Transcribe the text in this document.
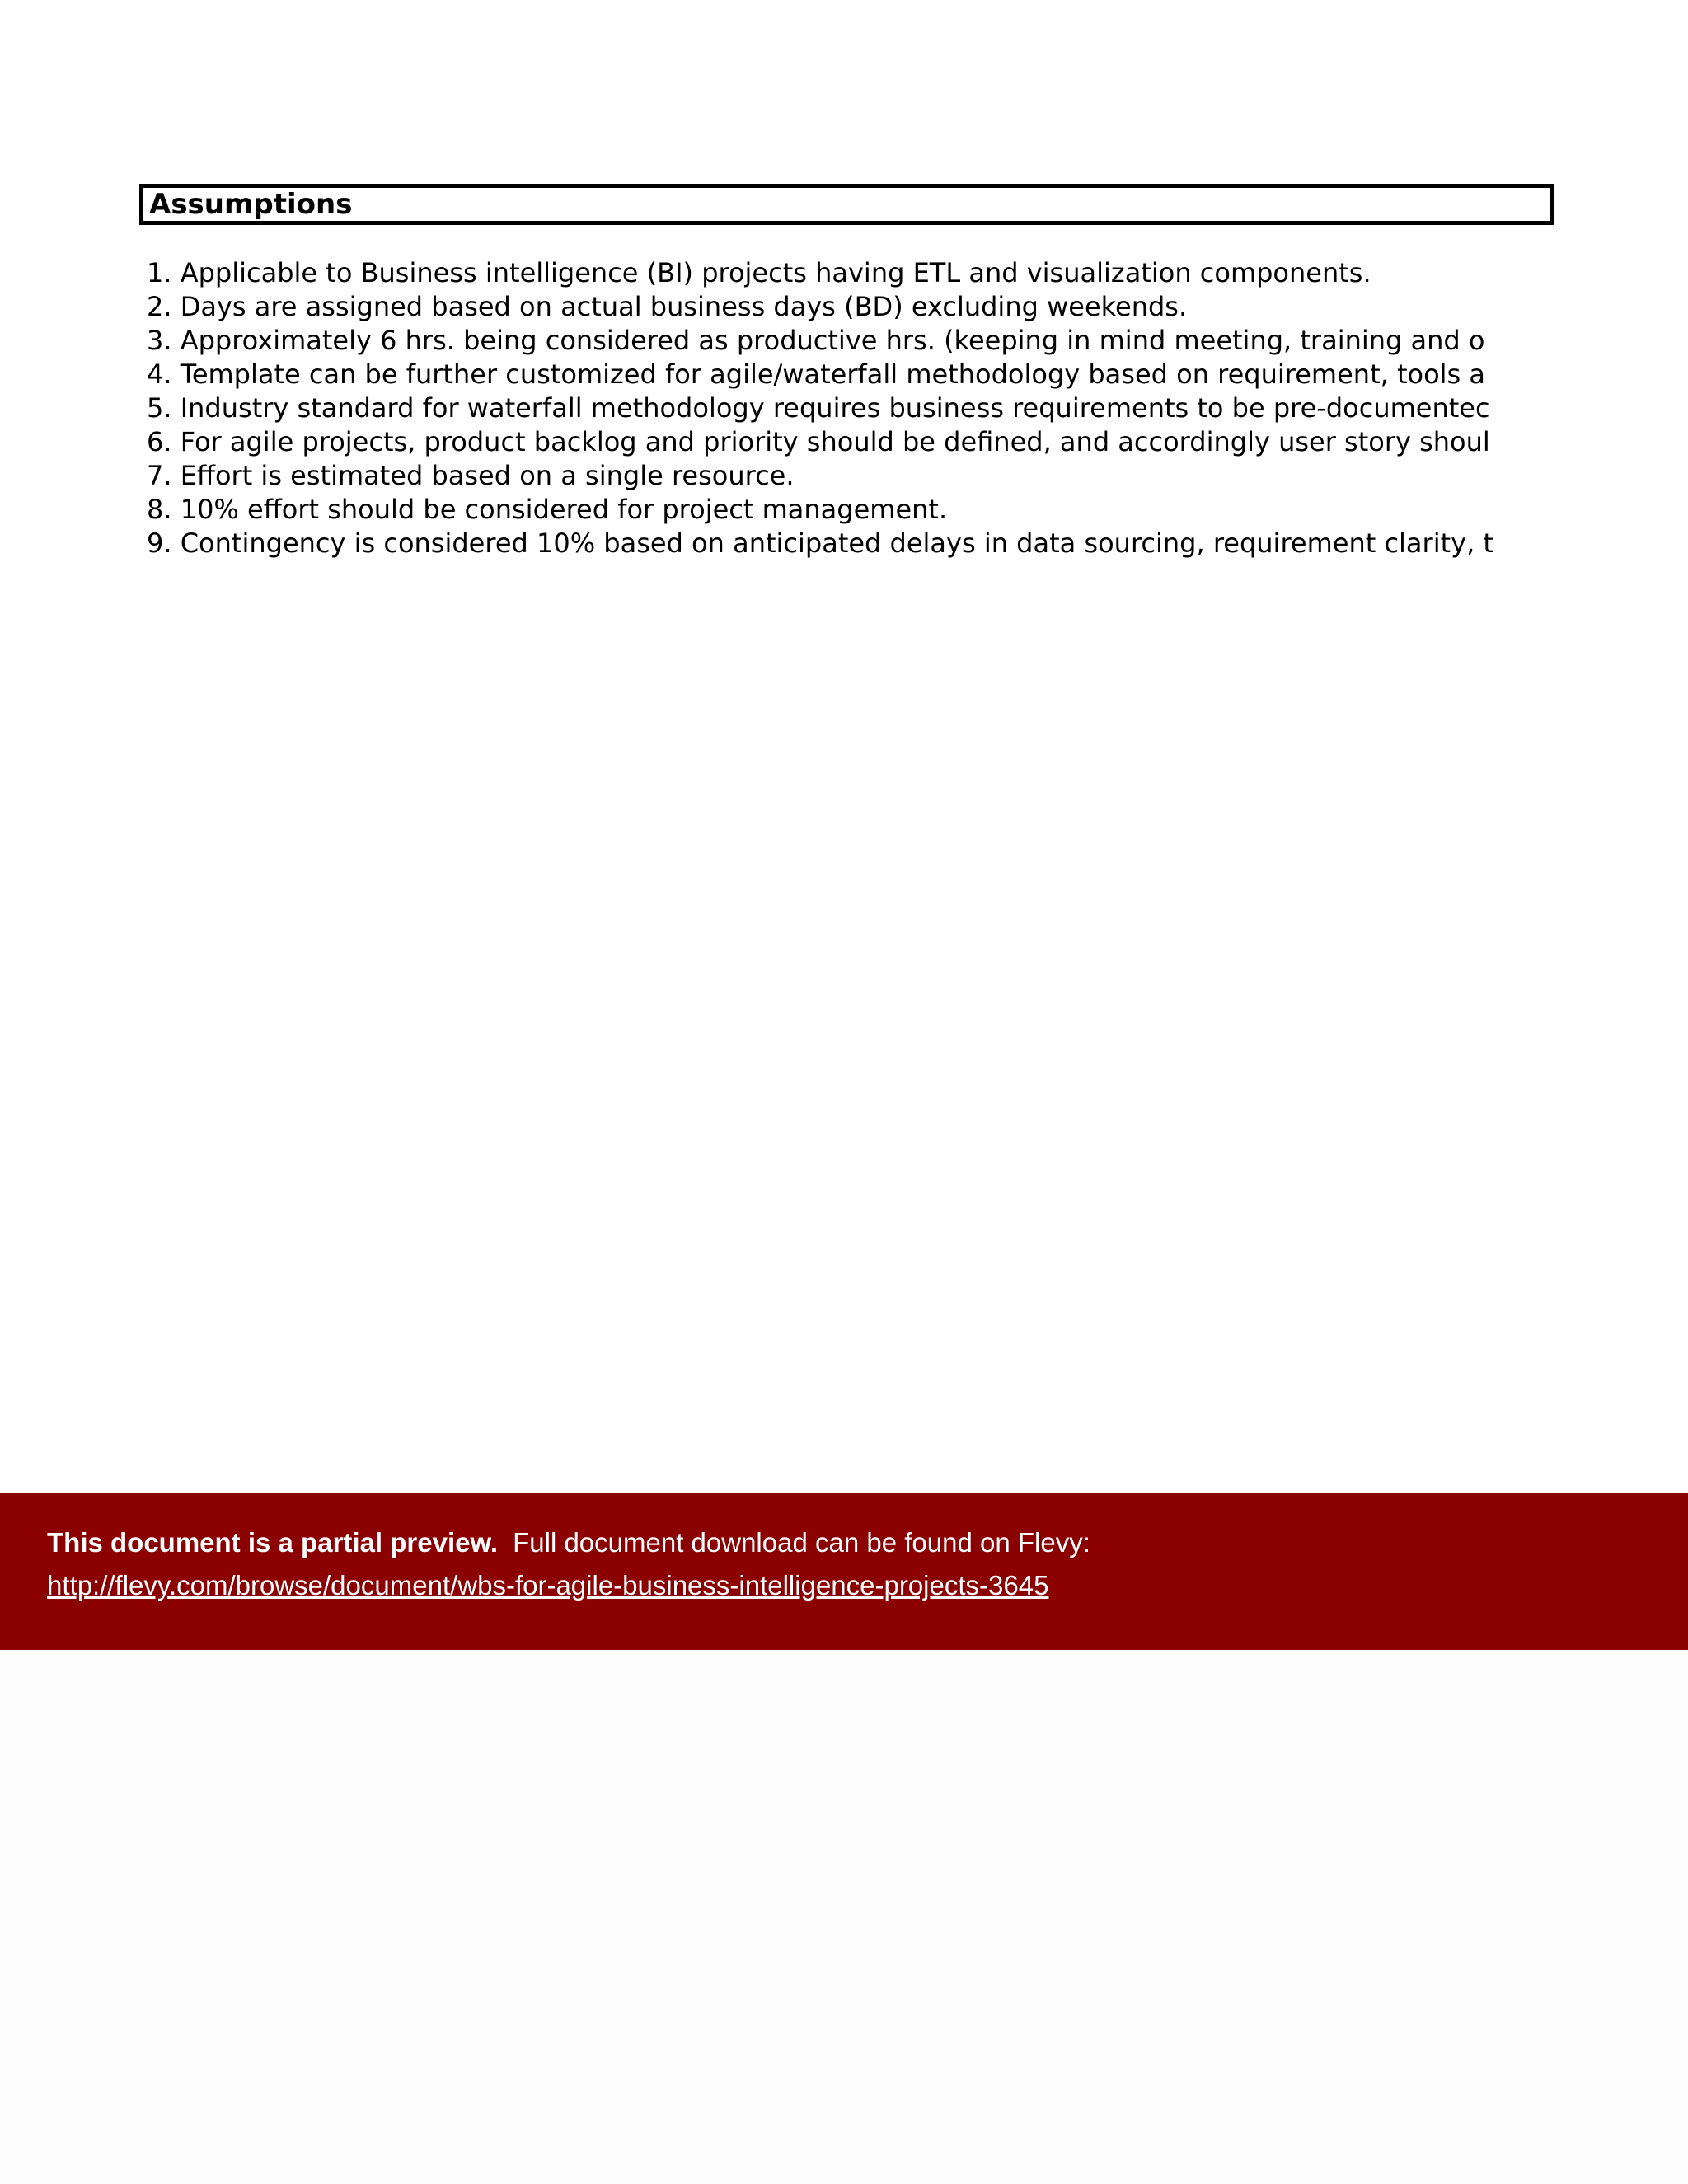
Assumptions
1. Applicable to Business intelligence (BI) projects having ETL and visualization components.
2. Days are assigned based on actual business days (BD) excluding weekends.
3. Approximately 6 hrs. being considered as productive hrs. (keeping in mind meeting, training and o
4. Template can be further customized for agile/waterfall methodology based on requirement, tools a
5. Industry standard for waterfall methodology requires business requirements to be pre-documentec
6. For agile projects, product backlog and priority should be defined, and accordingly user story shoul
7. Effort is estimated based on a single resource.
8. 10% effort should be considered for project management.
9. Contingency is considered 10% based on anticipated delays in data sourcing, requirement clarity, t
This document is a partial preview. Full document download can be found on Flevy:
http://flevy.com/browse/document/wbs-for-agile-business-intelligence-projects-3645
